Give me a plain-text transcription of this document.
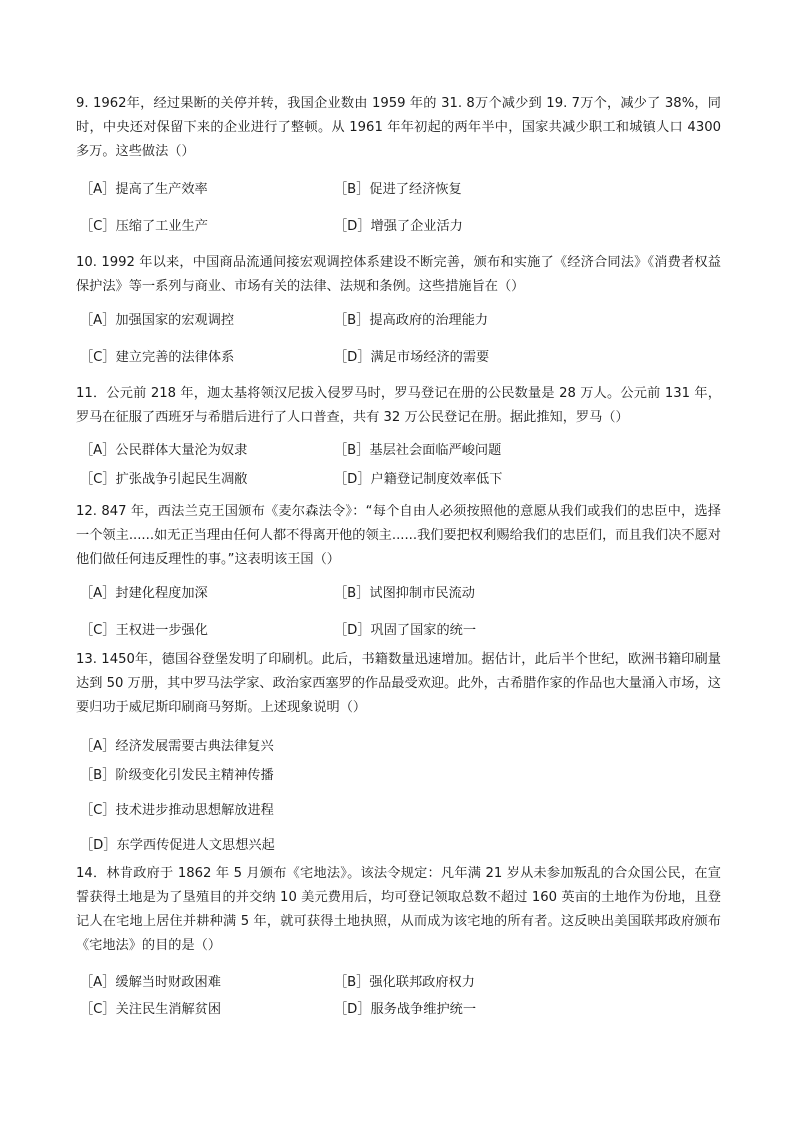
9. 1962年，经过果断的关停并转，我国企业数由 1959 年的 31. 8万个减少到 19. 7万个，减少了 38%，同时，中央还对保留下来的企业进行了整顿。从 1961 年年初起的两年半中，国家共减少职工和城镇人口 4300多万。这些做法（）

［A］提高了生产效率	［B］促进了经济恢复
［C］压缩了工业生产	［D］增强了企业活力

10. 1992 年以来，中国商品流通间接宏观调控体系建设不断完善，颁布和实施了《经济合同法》《消费者权益保护法》等一系列与商业、市场有关的法律、法规和条例。这些措施旨在（）

［A］加强国家的宏观调控	［B］提高政府的治理能力
［C］建立完善的法律体系	［D］满足市场经济的需要

11．公元前 218 年，迦太基将领汉尼拔入侵罗马时，罗马登记在册的公民数量是 28 万人。公元前 131 年，罗马在征服了西班牙与希腊后进行了人口普查，共有 32 万公民登记在册。据此推知，罗马（）

［A］公民群体大量沦为奴隶	［B］基层社会面临严峻问题
［C］扩张战争引起民生凋敝	［D］户籍登记制度效率低下

12. 847 年，西法兰克王国颁布《麦尔森法令》：“每个自由人必须按照他的意愿从我们或我们的忠臣中，选择一个领主......如无正当理由任何人都不得离开他的领主......我们要把权利赐给我们的忠臣们，而且我们决不愿对他们做任何违反理性的事。”这表明该王国（）

［A］封建化程度加深	［B］试图抑制市民流动
［C］王权进一步强化	［D］巩固了国家的统一

13. 1450年，德国谷登堡发明了印刷机。此后，书籍数量迅速增加。据估计，此后半个世纪，欧洲书籍印刷量达到 50 万册，其中罗马法学家、政治家西塞罗的作品最受欢迎。此外，古希腊作家的作品也大量涌入市场，这要归功于威尼斯印刷商马努斯。上述现象说明（）

［A］经济发展需要古典法律复兴
［B］阶级变化引发民主精神传播
［C］技术进步推动思想解放进程
［D］东学西传促进人文思想兴起

14．林肯政府于 1862 年 5 月颁布《宅地法》。该法令规定：凡年满 21 岁从未参加叛乱的合众国公民，在宣誓获得土地是为了垦殖目的并交纳 10 美元费用后，均可登记领取总数不超过 160 英亩的土地作为份地，且登记人在宅地上居住并耕种满 5 年，就可获得土地执照，从而成为该宅地的所有者。这反映出美国联邦政府颁布《宅地法》的目的是（）

［A］缓解当时财政困难	［B］强化联邦政府权力
［C］关注民生消解贫困	［D］服务战争维护统一
